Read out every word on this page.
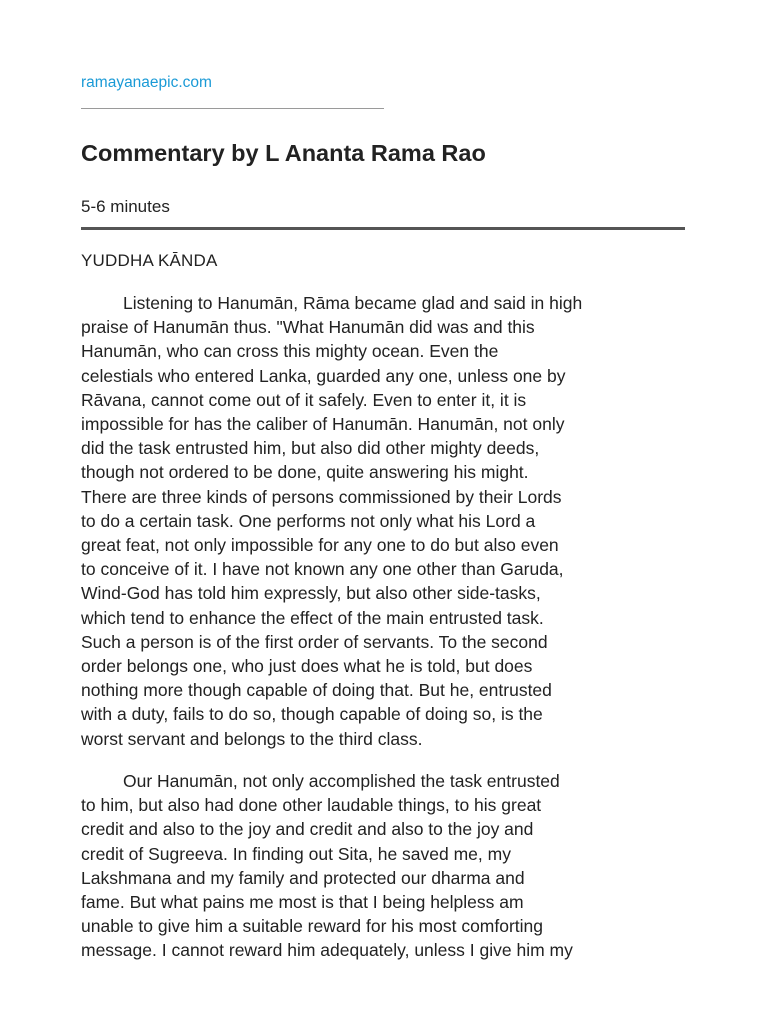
ramayanaepic.com
Commentary by L Ananta Rama Rao
5-6 minutes
YUDDHA KĀNDA

Listening to Hanumān, Rāma became glad and said in high
praise of Hanumān thus. "What Hanumān did was and this
Hanumān, who can cross this mighty ocean. Even the
celestials who entered Lanka, guarded any one, unless one by
Rāvana, cannot come out of it safely. Even to enter it, it is
impossible for has the caliber of Hanumān. Hanumān, not only
did the task entrusted him, but also did other mighty deeds,
though not ordered to be done, quite answering his might.
There are three kinds of persons commissioned by their Lords
to do a certain task. One performs not only what his Lord a
great feat, not only impossible for any one to do but also even
to conceive of it. I have not known any one other than Garuda,
Wind-God has told him expressly, but also other side-tasks,
which tend to enhance the effect of the main entrusted task.
Such a person is of the first order of servants. To the second
order belongs one, who just does what he is told, but does
nothing more though capable of doing that. But he, entrusted
with a duty, fails to do so, though capable of doing so, is the
worst servant and belongs to the third class.

Our Hanumān, not only accomplished the task entrusted
to him, but also had done other laudable things, to his great
credit and also to the joy and credit and also to the joy and
credit of Sugreeva. In finding out Sita, he saved me, my
Lakshmana and my family and protected our dharma and
fame. But what pains me most is that I being helpless am
unable to give him a suitable reward for his most comforting
message. I cannot reward him adequately, unless I give him my
